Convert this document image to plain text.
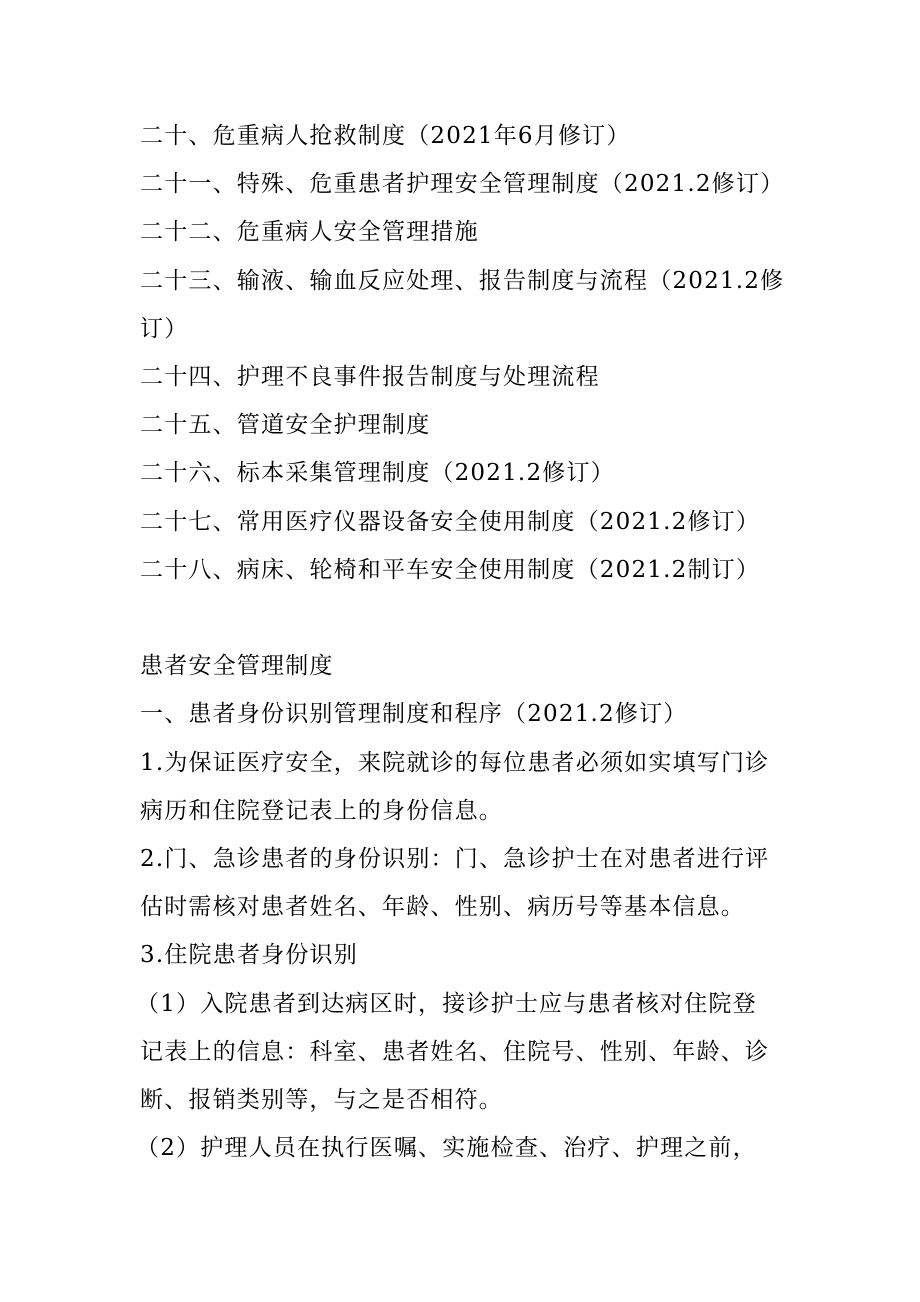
二十、危重病人抢救制度（2021年6月修订）
二十一、特殊、危重患者护理安全管理制度（2021.2修订）
二十二、危重病人安全管理措施
二十三、输液、输血反应处理、报告制度与流程（2021.2修
订）
二十四、护理不良事件报告制度与处理流程
二十五、管道安全护理制度
二十六、标本采集管理制度（2021.2修订）
二十七、常用医疗仪器设备安全使用制度（2021.2修订）
二十八、病床、轮椅和平车安全使用制度（2021.2制订）
患者安全管理制度
一、患者身份识别管理制度和程序（2021.2修订）
1.为保证医疗安全，来院就诊的每位患者必须如实填写门诊
病历和住院登记表上的身份信息。
2.门、急诊患者的身份识别：门、急诊护士在对患者进行评
估时需核对患者姓名、年龄、性别、病历号等基本信息。
3.住院患者身份识别
（1）入院患者到达病区时，接诊护士应与患者核对住院登
记表上的信息：科室、患者姓名、住院号、性别、年龄、诊
断、报销类别等，与之是否相符。
（2）护理人员在执行医嘱、实施检查、治疗、护理之前，
